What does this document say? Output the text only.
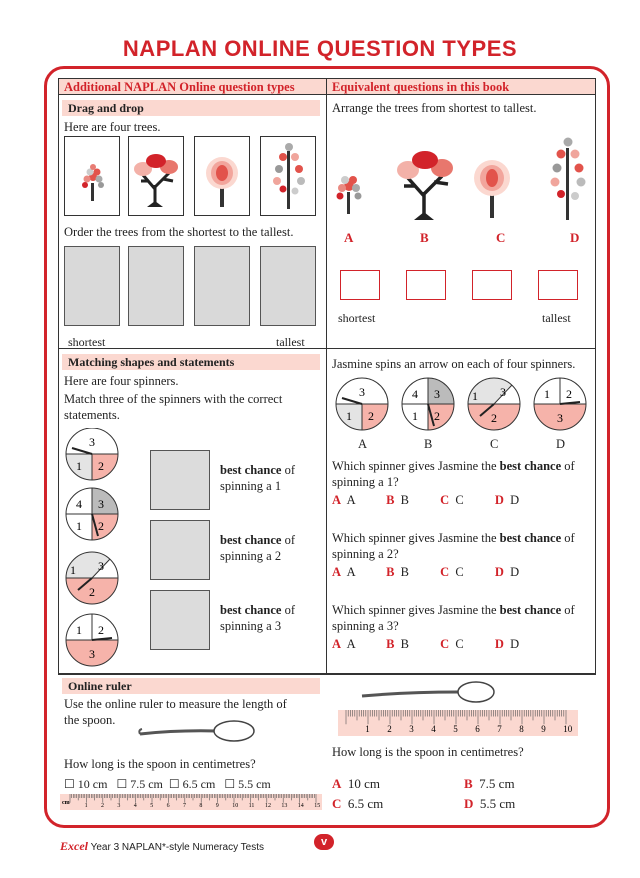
NAPLAN ONLINE QUESTION TYPES
Additional NAPLAN Online question types	Equivalent questions in this book
Drag and drop
Here are four trees.
Order the trees from the shortest to the tallest.
shortest	tallest
Arrange the trees from shortest to tallest.
A	B	C	D
shortest	tallest
Matching shapes and statements
Here are four spinners.
Match three of the spinners with the correct statements.
3
1 2
4 3
1 2
1 3
2
1 2
3
best chance of
spinning a 1
best chance of
spinning a 2
best chance of
spinning a 3
Jasmine spins an arrow on each of four spinners.
3
1 2
4 3
1 2
1 3
2
1 2
3
A	B	C	D
Which spinner gives Jasmine the best chance of
spinning a 1?
A A B B C C D D
Which spinner gives Jasmine the best chance of
spinning a 2?
A A B B C C D D
Which spinner gives Jasmine the best chance of
spinning a 3?
A A B B C C D D
Online ruler
Use the online ruler to measure the length of
the spoon.
How long is the spoon in centimetres?
☐ 10 cm ☐ 7.5 cm ☐ 6.5 cm ☐ 5.5 cm
cm 1 2 3 4 5 6 7 8 9 10 11 12 13 14 15
1 2 3 4 5 6 7 8 9 10
How long is the spoon in centimetres?
A 10 cm	B 7.5 cm
C 6.5 cm	D 5.5 cm
Excel Year 3 NAPLAN*-style Numeracy Tests	v
